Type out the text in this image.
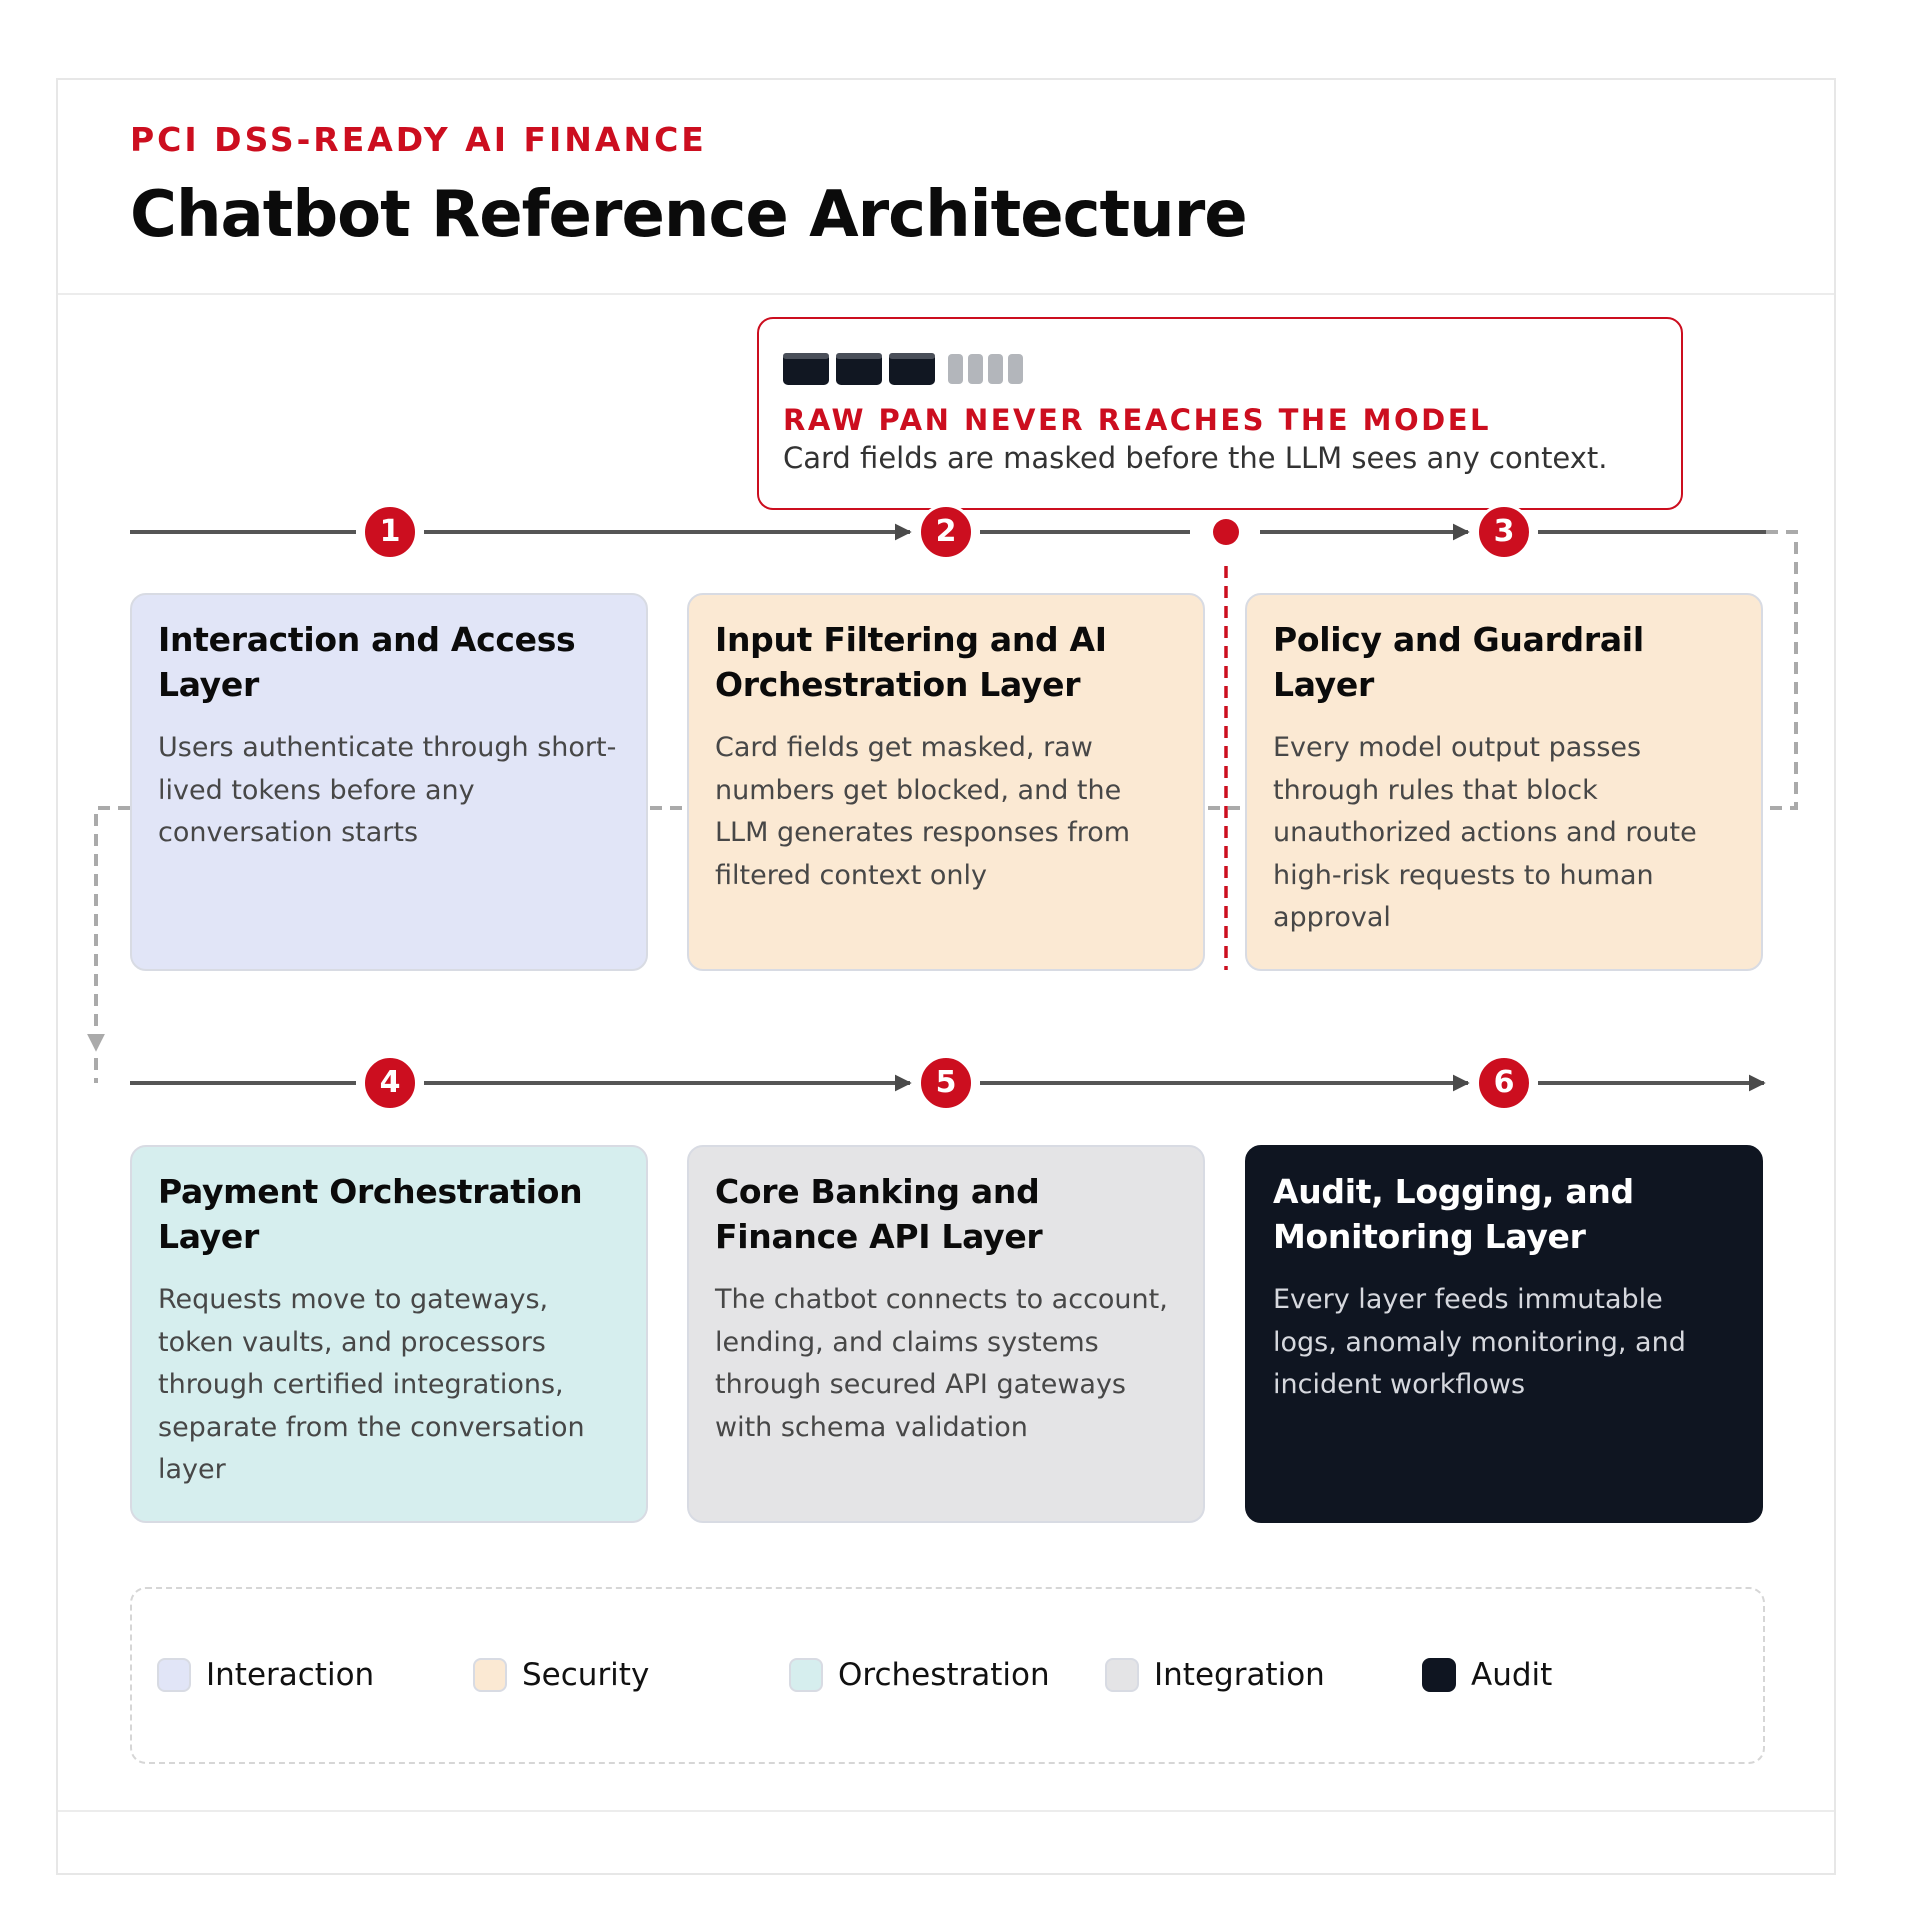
PCI DSS-READY AI FINANCE

Chatbot Reference Architecture

RAW PAN NEVER REACHES THE MODEL

Card fields are masked before the LLM sees any context.

1	2	3
4	5	6
Interaction and Access Layer

Users authenticate through short-lived tokens before any conversation starts

Input Filtering and AI Orchestration Layer

Card fields get masked, raw numbers get blocked, and the LLM generates responses from filtered context only

Policy and Guardrail Layer

Every model output passes through rules that block unauthorized actions and route high-risk requests to human approval

Payment Orchestration Layer

Requests move to gateways, token vaults, and processors through certified integrations, separate from the conversation layer

Core Banking and Finance API Layer

The chatbot connects to account, lending, and claims systems through secured API gateways with schema validation

Audit, Logging, and Monitoring Layer

Every layer feeds immutable logs, anomaly monitoring, and incident workflows

Interaction	Security	Orchestration	Integration	Audit
